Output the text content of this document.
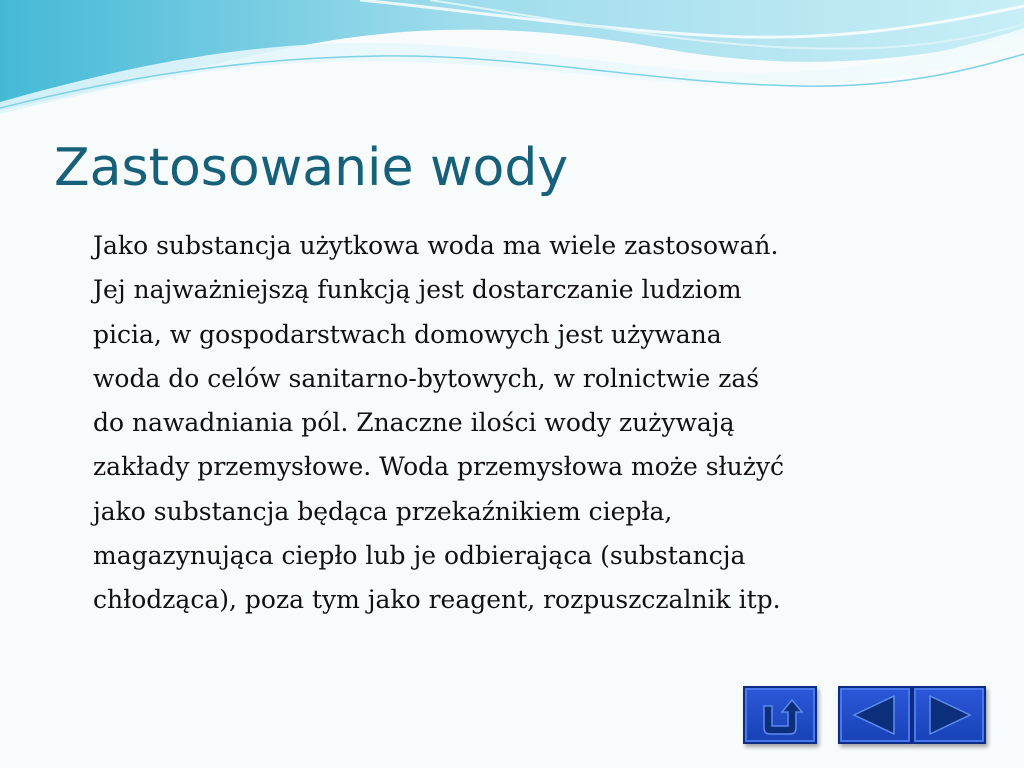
Zastosowanie wody

Jako substancja użytkowa woda ma wiele zastosowań.
Jej najważniejszą funkcją jest dostarczanie ludziom
picia, w gospodarstwach domowych jest używana
woda do celów sanitarno-bytowych, w rolnictwie zaś
do nawadniania pól. Znaczne ilości wody zużywają
zakłady przemysłowe. Woda przemysłowa może służyć
jako substancja będąca przekaźnikiem ciepła,
magazynująca ciepło lub je odbierająca (substancja
chłodząca), poza tym jako reagent, rozpuszczalnik itp.
